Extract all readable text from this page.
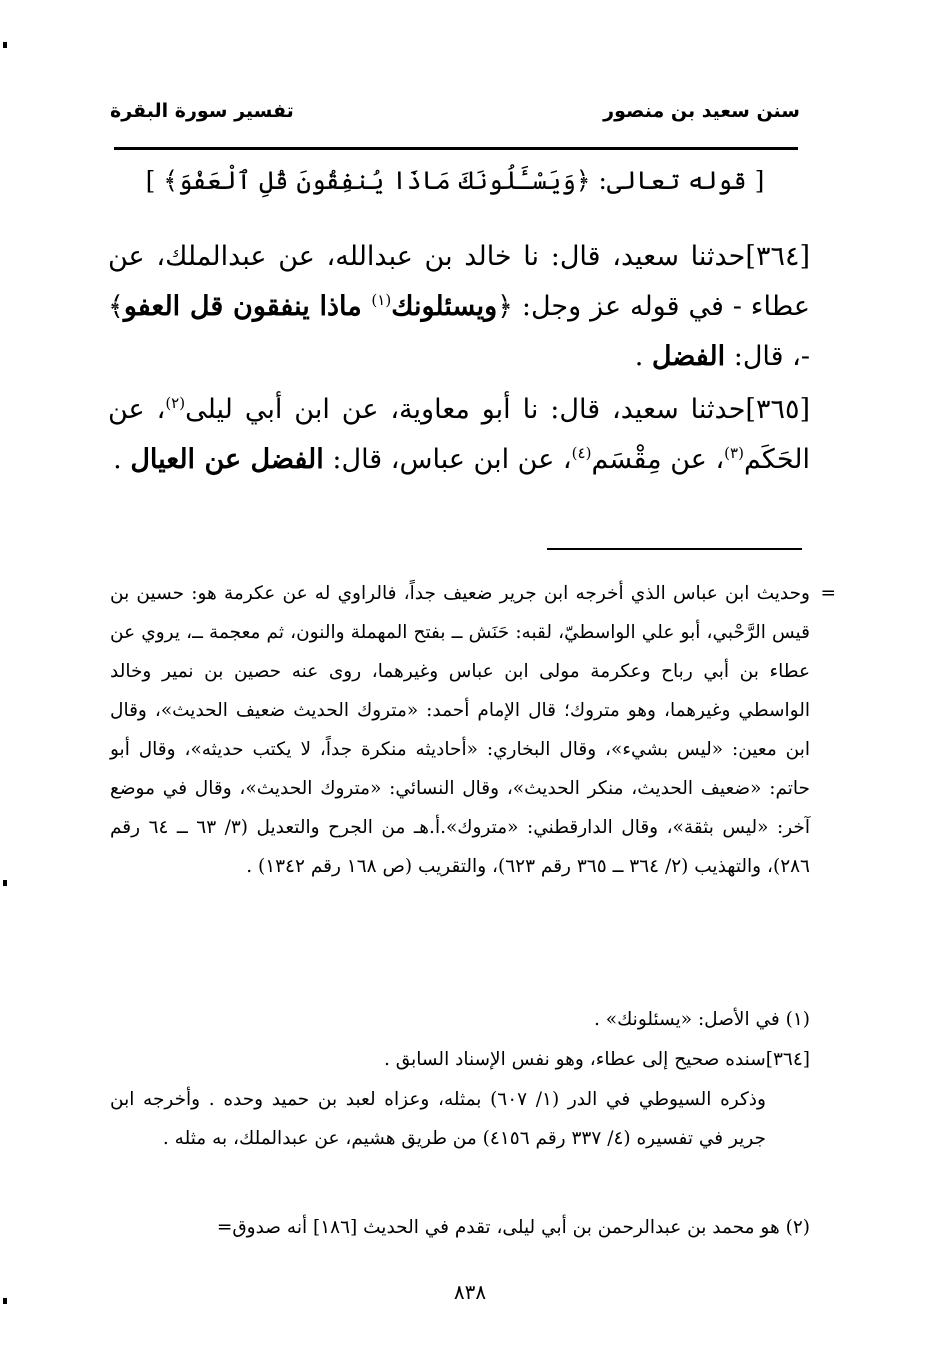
سنن سعيد بن منصور
تفسير سورة البقرة
[ قوله تعالى: ﴿وَيَسْـَٔلُونَكَ مَاذَا يُنفِقُونَ قُلِ ٱلْعَفْوَ﴾ ]
[٣٦٤]حدثنا سعيد، قال: نا خالد بن عبدالله، عن عبدالملك، عن عطاء - في قوله عز وجل: ﴿ويسئلونك$^{(١)}$ ماذا ينفقون قل العفو﴾ -، قال: الفضل .
[٣٦٥]حدثنا سعيد، قال: نا أبو معاوية، عن ابن أبي ليلى$^{(٢)}$، عن الحَكَم$^{(٣)}$، عن مِقْسَم$^{(٤)}$، عن ابن عباس، قال: الفضل عن العيال .
=
وحديث ابن عباس الذي أخرجه ابن جرير ضعيف جداً، فالراوي له عن عكرمة هو: حسين بن قيس الرَّحْبي، أبو علي الواسطيّ، لقبه: حَنَش ــ بفتح المهملة والنون، ثم معجمة ــ، يروي عن عطاء بن أبي رباح وعكرمة مولى ابن عباس وغيرهما، روى عنه حصين بن نمير وخالد الواسطي وغيرهما، وهو متروك؛ قال الإمام أحمد: «متروك الحديث ضعيف الحديث»، وقال ابن معين: «ليس بشيء»، وقال البخاري: «أحاديثه منكرة جداً، لا يكتب حديثه»، وقال أبو حاتم: «ضعيف الحديث، منكر الحديث»، وقال النسائي: «متروك الحديث»، وقال في موضع آخر: «ليس بثقة»، وقال الدارقطني: «متروك».أ.هـ من الجرح والتعديل (٣/ ٦٣ ــ ٦٤ رقم ٢٨٦)، والتهذيب (٢/ ٣٦٤ ــ ٣٦٥ رقم ٦٢٣)، والتقريب (ص ١٦٨ رقم ١٣٤٢) .
(١) في الأصل: «يسئلونك» .
[٣٦٤]سنده صحيح إلى عطاء، وهو نفس الإسناد السابق .
وذكره السيوطي في الدر (١/ ٦٠٧) بمثله، وعزاه لعبد بن حميد وحده . وأخرجه ابن جرير في تفسيره (٤/ ٣٣٧ رقم ٤١٥٦) من طريق هشيم، عن عبدالملك، به مثله .
(٢) هو محمد بن عبدالرحمن بن أبي ليلى، تقدم في الحديث [١٨٦] أنه صدوق=
٨٣٨
